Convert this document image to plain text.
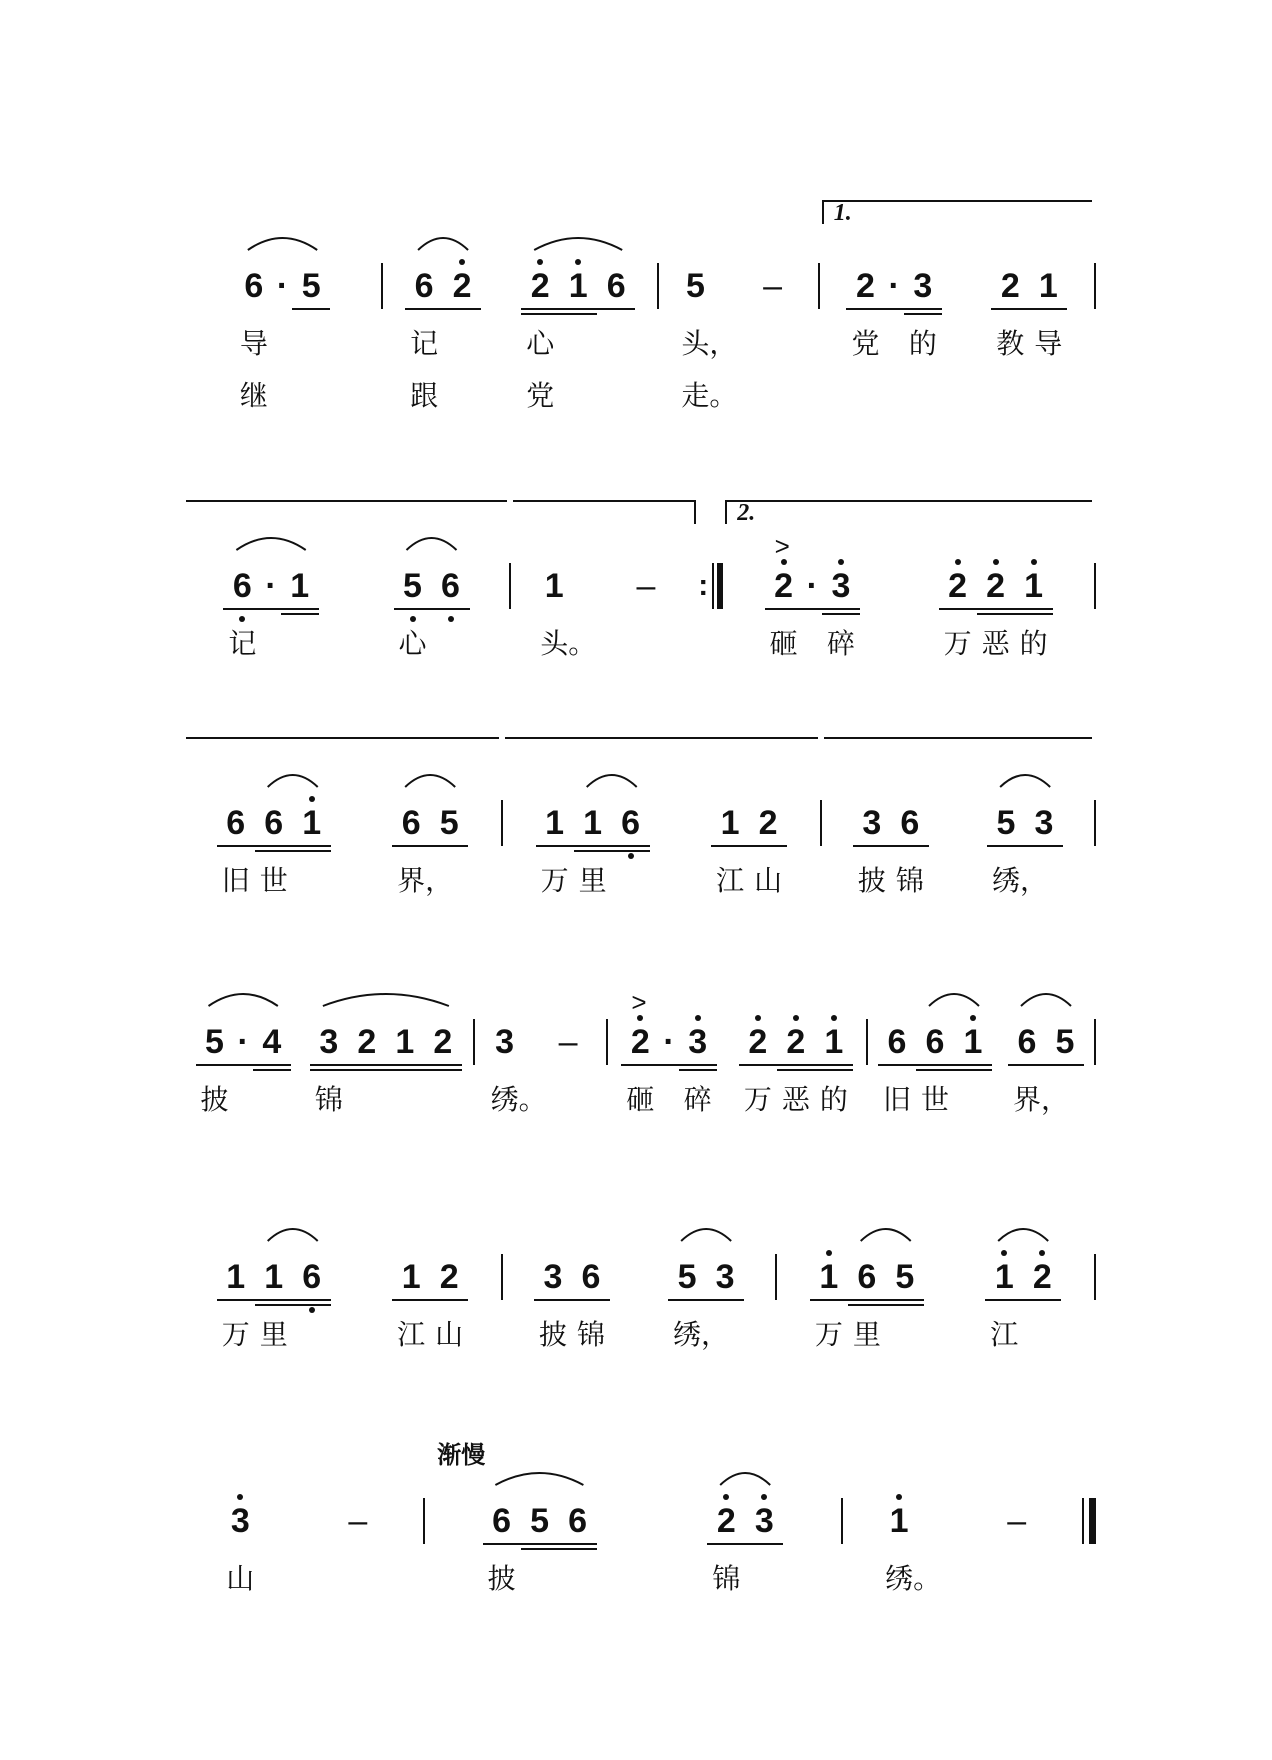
6
导
继
· 5	6
记
跟
2 2
心
党
1 6 5
头，
走。
–
1.
2
党
· 3
的
2
教
1
导
6
记
· 1	5
心
6 1
头。
–	:
2.
2
>
砸
· 3
碎
2
万
2
恶
1
的
6
旧
6
世
1 6
界，
5	1
万
1
里
6 1
江
2
山
3
披
6
锦
5
绣，
3
5
披
· 4 3
锦
2 1 2 3
绣。
–	2
>
砸
· 3
碎
2
万
2
恶
1
的
6
旧
6
世
1 6
界，
5
1
万
1
里
6 1
江
2
山
3
披
6
锦
5
绣，
3 1
万
6
里
5 1
江
2
3
山
–
渐慢
6
披
5 6	2
锦
3	1
绣。
–
